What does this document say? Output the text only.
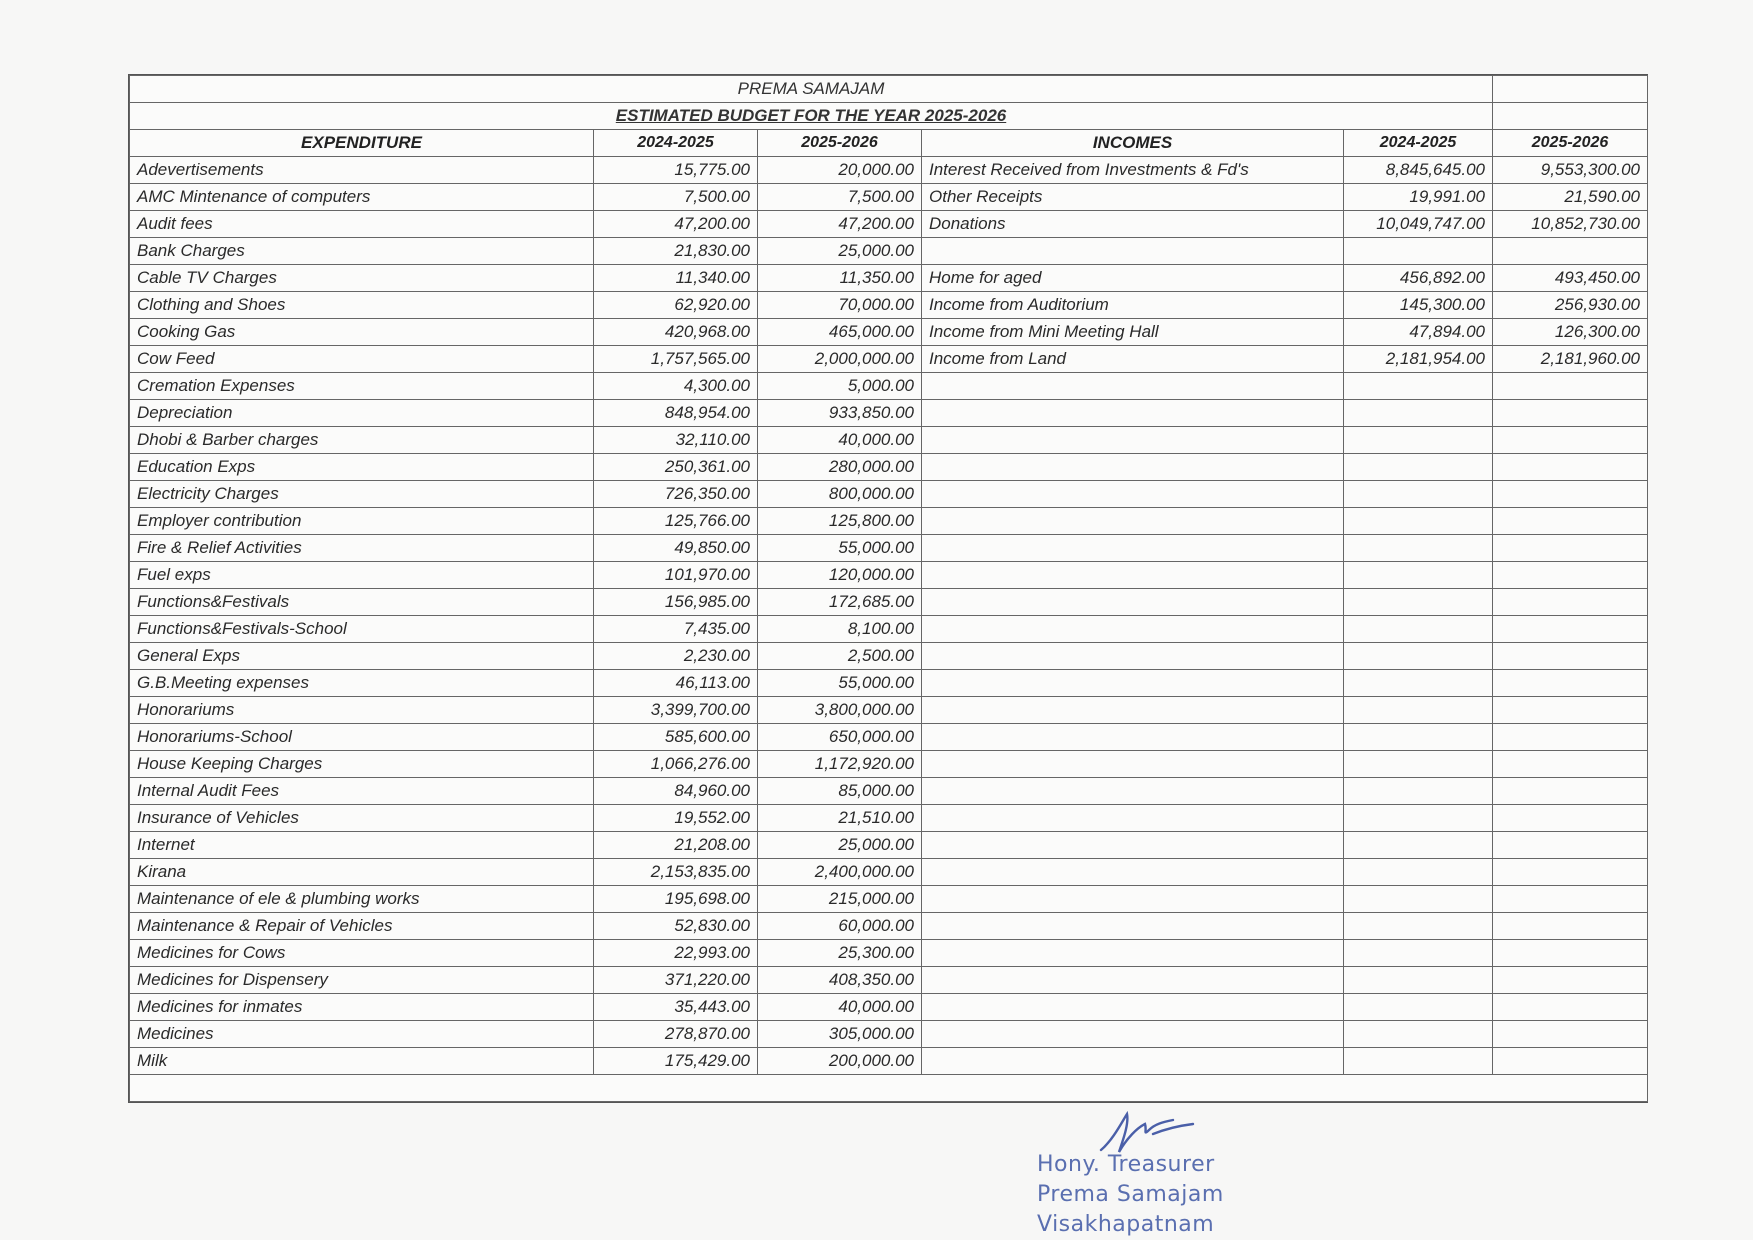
PREMA SAMAJAM					
ESTIMATED BUDGET FOR THE YEAR 2025-2026					
EXPENDITURE	2024-2025	2025-2026	INCOMES	2024-2025	2025-2026
Adevertisements	15,775.00	20,000.00	Interest Received from Investments & Fd's	8,845,645.00	9,553,300.00
AMC Mintenance of computers	7,500.00	7,500.00	Other Receipts	19,991.00	21,590.00
Audit fees	47,200.00	47,200.00	Donations	10,049,747.00	10,852,730.00
Bank Charges	21,830.00	25,000.00			
Cable TV Charges	11,340.00	11,350.00	Home for aged	456,892.00	493,450.00
Clothing and Shoes	62,920.00	70,000.00	Income from Auditorium	145,300.00	256,930.00
Cooking Gas	420,968.00	465,000.00	Income from Mini Meeting Hall	47,894.00	126,300.00
Cow Feed	1,757,565.00	2,000,000.00	Income from Land	2,181,954.00	2,181,960.00
Cremation Expenses	4,300.00	5,000.00			
Depreciation	848,954.00	933,850.00			
Dhobi & Barber charges	32,110.00	40,000.00			
Education Exps	250,361.00	280,000.00			
Electricity Charges	726,350.00	800,000.00			
Employer contribution	125,766.00	125,800.00			
Fire & Relief Activities	49,850.00	55,000.00			
Fuel exps	101,970.00	120,000.00			
Functions&Festivals	156,985.00	172,685.00			
Functions&Festivals-School	7,435.00	8,100.00			
General Exps	2,230.00	2,500.00			
G.B.Meeting expenses	46,113.00	55,000.00			
Honorariums	3,399,700.00	3,800,000.00			
Honorariums-School	585,600.00	650,000.00			
House Keeping Charges	1,066,276.00	1,172,920.00			
Internal Audit Fees	84,960.00	85,000.00			
Insurance of Vehicles	19,552.00	21,510.00			
Internet	21,208.00	25,000.00			
Kirana	2,153,835.00	2,400,000.00			
Maintenance of ele & plumbing works	195,698.00	215,000.00			
Maintenance & Repair of Vehicles	52,830.00	60,000.00			
Medicines for Cows	22,993.00	25,300.00			
Medicines for Dispensery	371,220.00	408,350.00			
Medicines for inmates	35,443.00	40,000.00			
Medicines	278,870.00	305,000.00			
Milk	175,429.00	200,000.00			

Hony. Treasurer
Prema Samajam
Visakhapatnam
